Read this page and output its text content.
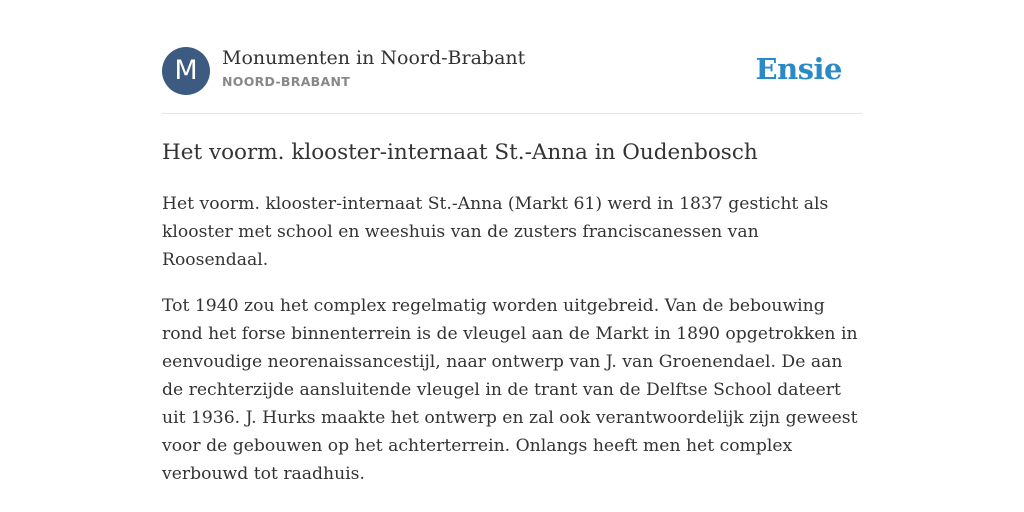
M	Monumenten in Noord-Brabant
NOORD-BRABANT	Ensie
Het voorm. klooster-internaat St.-Anna in Oudenbosch

Het voorm. klooster-internaat St.-Anna (Markt 61) werd in 1837 gesticht als klooster met school en weeshuis van de zusters franciscanessen van Roosendaal.

Tot 1940 zou het complex regelmatig worden uitgebreid. Van de bebouwing rond het forse binnenterrein is de vleugel aan de Markt in 1890 opgetrokken in eenvoudige neorenaissancestijl, naar ontwerp van J. van Groenendael. De aan de rechterzijde aansluitende vleugel in de trant van de Delftse School dateert uit 1936. J. Hurks maakte het ontwerp en zal ook verantwoordelijk zijn geweest voor de gebouwen op het achterterrein. Onlangs heeft men het complex verbouwd tot raadhuis.
